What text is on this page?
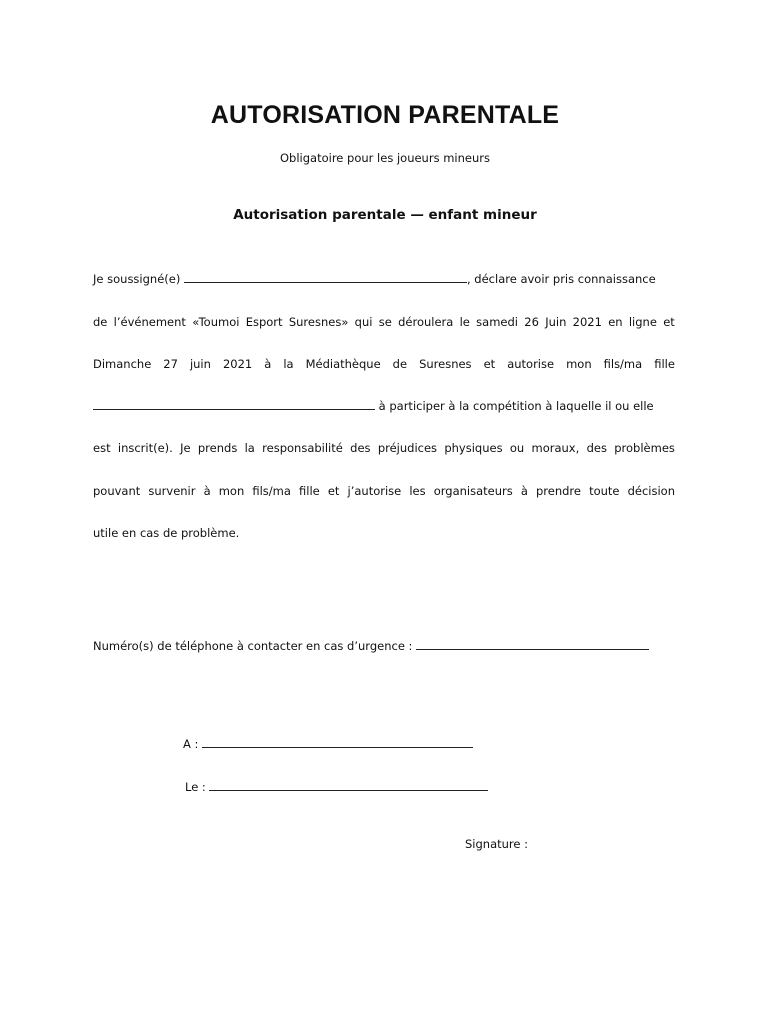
AUTORISATION PARENTALE
Obligatoire pour les joueurs mineurs
Autorisation parentale — enfant mineur
Je soussigné(e)	, déclare avoir pris connaissance
de l’événement «Toumoi Esport Suresnes» qui se déroulera le samedi 26 Juin 2021 en ligne et
Dimanche 27 juin 2021 à la Médiathèque de Suresnes et autorise mon fils/ma fille
à participer à la compétition à laquelle il ou elle
est inscrit(e). Je prends la responsabilité des préjudices physiques ou moraux, des problèmes
pouvant survenir à mon fils/ma fille et j’autorise les organisateurs à prendre toute décision
utile en cas de problème.
Numéro(s) de téléphone à contacter en cas d’urgence :
A :
Le :
Signature :
